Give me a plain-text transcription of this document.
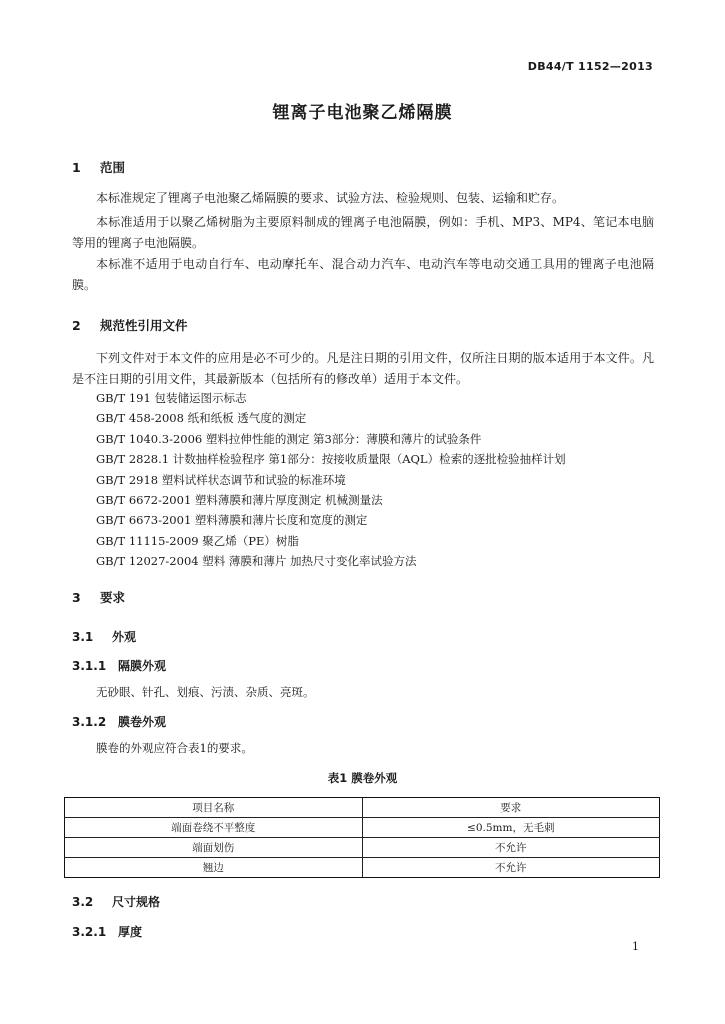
DB44/T 1152—2013
锂离子电池聚乙烯隔膜
1 范围
本标准规定了锂离子电池聚乙烯隔膜的要求、试验方法、检验规则、包装、运输和贮存。
本标准适用于以聚乙烯树脂为主要原料制成的锂离子电池隔膜，例如：手机、MP3、MP4、笔记本电脑等用的锂离子电池隔膜。
本标准不适用于电动自行车、电动摩托车、混合动力汽车、电动汽车等电动交通工具用的锂离子电池隔膜。
2 规范性引用文件
下列文件对于本文件的应用是必不可少的。凡是注日期的引用文件，仅所注日期的版本适用于本文件。凡是不注日期的引用文件，其最新版本（包括所有的修改单）适用于本文件。
GB/T 191 包装储运图示标志
GB/T 458-2008 纸和纸板 透气度的测定
GB/T 1040.3-2006 塑料拉伸性能的测定 第3部分：薄膜和薄片的试验条件
GB/T 2828.1 计数抽样检验程序 第1部分：按接收质量限（AQL）检索的逐批检验抽样计划
GB/T 2918 塑料试样状态调节和试验的标准环境
GB/T 6672-2001 塑料薄膜和薄片厚度测定 机械测量法
GB/T 6673-2001 塑料薄膜和薄片长度和宽度的测定
GB/T 11115-2009 聚乙烯（PE）树脂
GB/T 12027-2004 塑料 薄膜和薄片 加热尺寸变化率试验方法
3 要求
3.1 外观
3.1.1 隔膜外观
无砂眼、针孔、划痕、污渍、杂质、亮斑。
3.1.2 膜卷外观
膜卷的外观应符合表1的要求。
表1 膜卷外观
项目名称	要求
端面卷绕不平整度	≤0.5mm，无毛刺
端面划伤	不允许
翘边	不允许
3.2 尺寸规格
3.2.1 厚度
1
